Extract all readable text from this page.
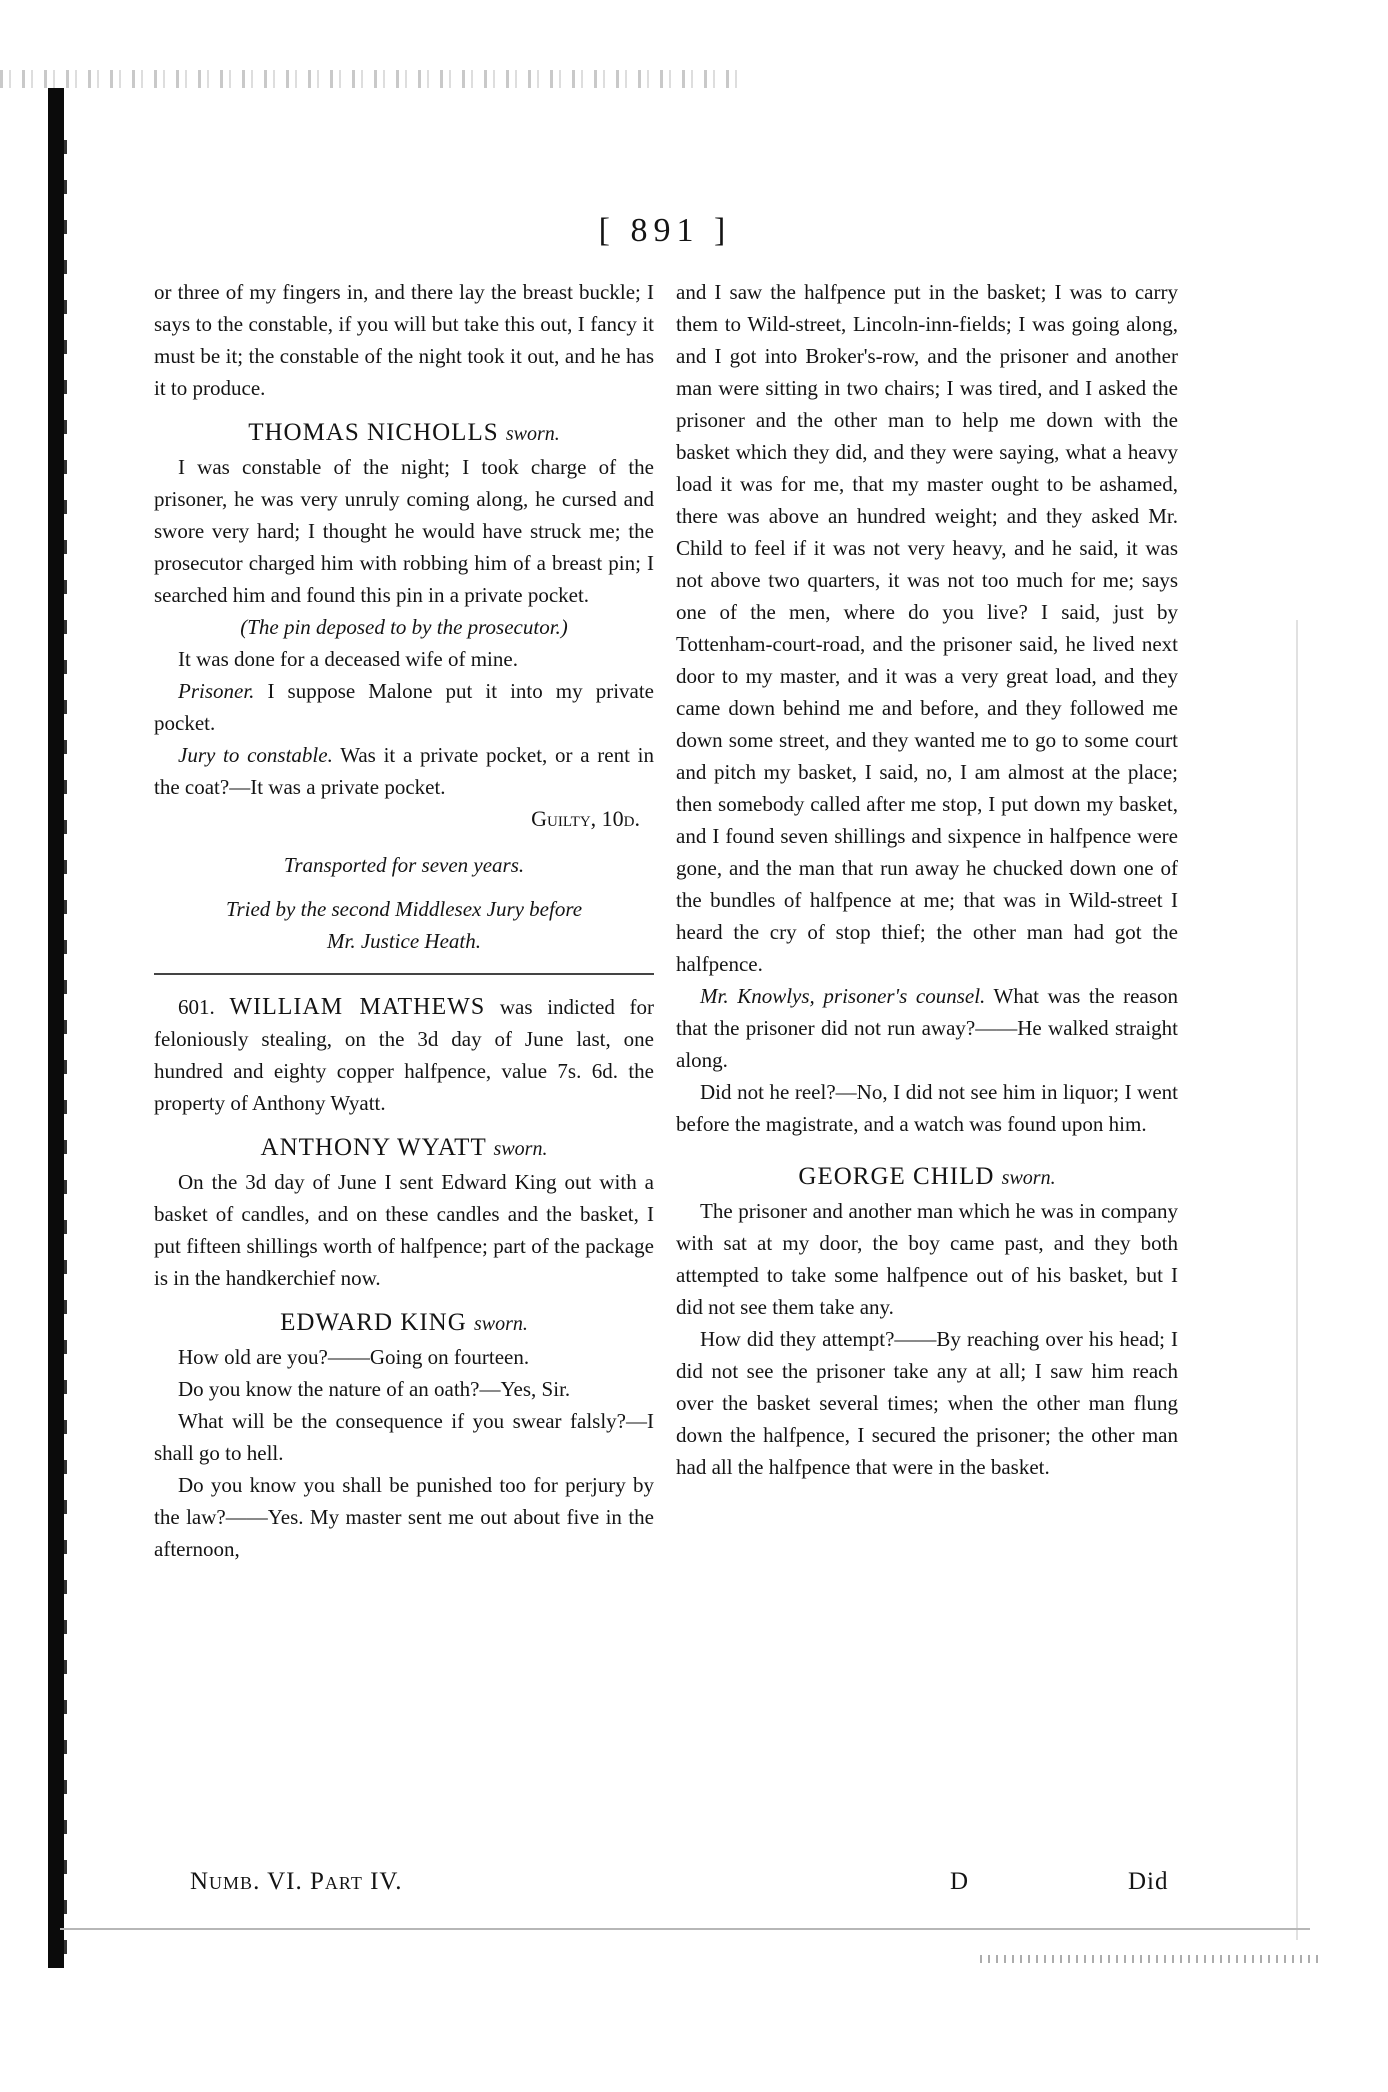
[ 891 ]

or three of my fingers in, and there lay the breast buckle; I says to the constable, if you will but take this out, I fancy it must be it; the constable of the night took it out, and he has it to produce.

THOMAS NICHOLLS sworn.

I was constable of the night; I took charge of the prisoner, he was very unruly coming along, he cursed and swore very hard; I thought he would have struck me; the prosecutor charged him with robbing him of a breast pin; I searched him and found this pin in a private pocket.

(The pin deposed to by the prosecutor.)

It was done for a deceased wife of mine.

Prisoner. I suppose Malone put it into my private pocket.

Jury to constable. Was it a private pocket, or a rent in the coat?—It was a private pocket.

Guilty, 10d.

Transported for seven years.

Tried by the second Middlesex Jury before

Mr. Justice Heath.

601. WILLIAM MATHEWS was indicted for feloniously stealing, on the 3d day of June last, one hundred and eighty copper halfpence, value 7s. 6d. the property of Anthony Wyatt.

ANTHONY WYATT sworn.

On the 3d day of June I sent Edward King out with a basket of candles, and on these candles and the basket, I put fifteen shillings worth of halfpence; part of the package is in the handkerchief now.

EDWARD KING sworn.

How old are you?——Going on fourteen.

Do you know the nature of an oath?—Yes, Sir.

What will be the consequence if you swear falsly?—I shall go to hell.

Do you know you shall be punished too for perjury by the law?——Yes. My master sent me out about five in the afternoon,

and I saw the halfpence put in the basket; I was to carry them to Wild-street, Lincoln-inn-fields; I was going along, and I got into Broker's-row, and the prisoner and another man were sitting in two chairs; I was tired, and I asked the prisoner and the other man to help me down with the basket which they did, and they were saying, what a heavy load it was for me, that my master ought to be ashamed, there was above an hundred weight; and they asked Mr. Child to feel if it was not very heavy, and he said, it was not above two quarters, it was not too much for me; says one of the men, where do you live? I said, just by Tottenham-court-road, and the prisoner said, he lived next door to my master, and it was a very great load, and they came down behind me and before, and they followed me down some street, and they wanted me to go to some court and pitch my basket, I said, no, I am almost at the place; then somebody called after me stop, I put down my basket, and I found seven shillings and sixpence in halfpence were gone, and the man that run away he chucked down one of the bundles of halfpence at me; that was in Wild-street I heard the cry of stop thief; the other man had got the halfpence.

Mr. Knowlys, prisoner's counsel. What was the reason that the prisoner did not run away?——He walked straight along.

Did not he reel?—No, I did not see him in liquor; I went before the magistrate, and a watch was found upon him.

GEORGE CHILD sworn.

The prisoner and another man which he was in company with sat at my door, the boy came past, and they both attempted to take some halfpence out of his basket, but I did not see them take any.

How did they attempt?——By reaching over his head; I did not see the prisoner take any at all; I saw him reach over the basket several times; when the other man flung down the halfpence, I secured the prisoner; the other man had all the halfpence that were in the basket.

Numb. VI. Part IV.	D	Did
